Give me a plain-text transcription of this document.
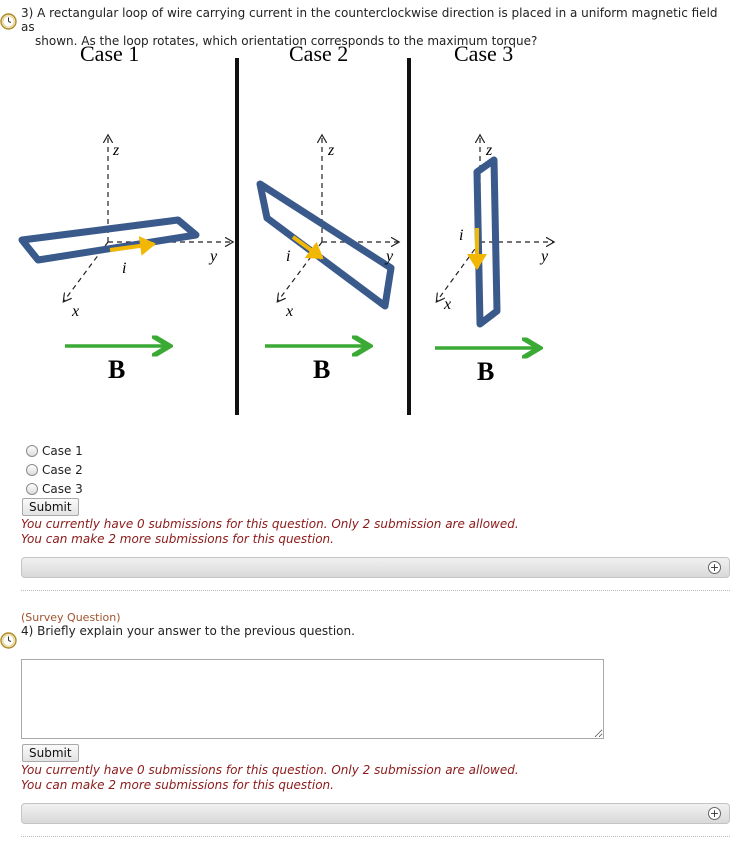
3) A rectangular loop of wire carrying current in the counterclockwise direction is placed in a uniform magnetic field as
shown. As the loop rotates, which orientation corresponds to the maximum torque?
Case 1	Case 2	Case 3
z
y
x
i
B
z
y
x
i
B
z
y
x
i
B
Case 1
Case 2
Case 3
Submit
You currently have 0 submissions for this question. Only 2 submission are allowed.
You can make 2 more submissions for this question.
+
(Survey Question)
4) Briefly explain your answer to the previous question.
Submit
You currently have 0 submissions for this question. Only 2 submission are allowed.
You can make 2 more submissions for this question.
+
